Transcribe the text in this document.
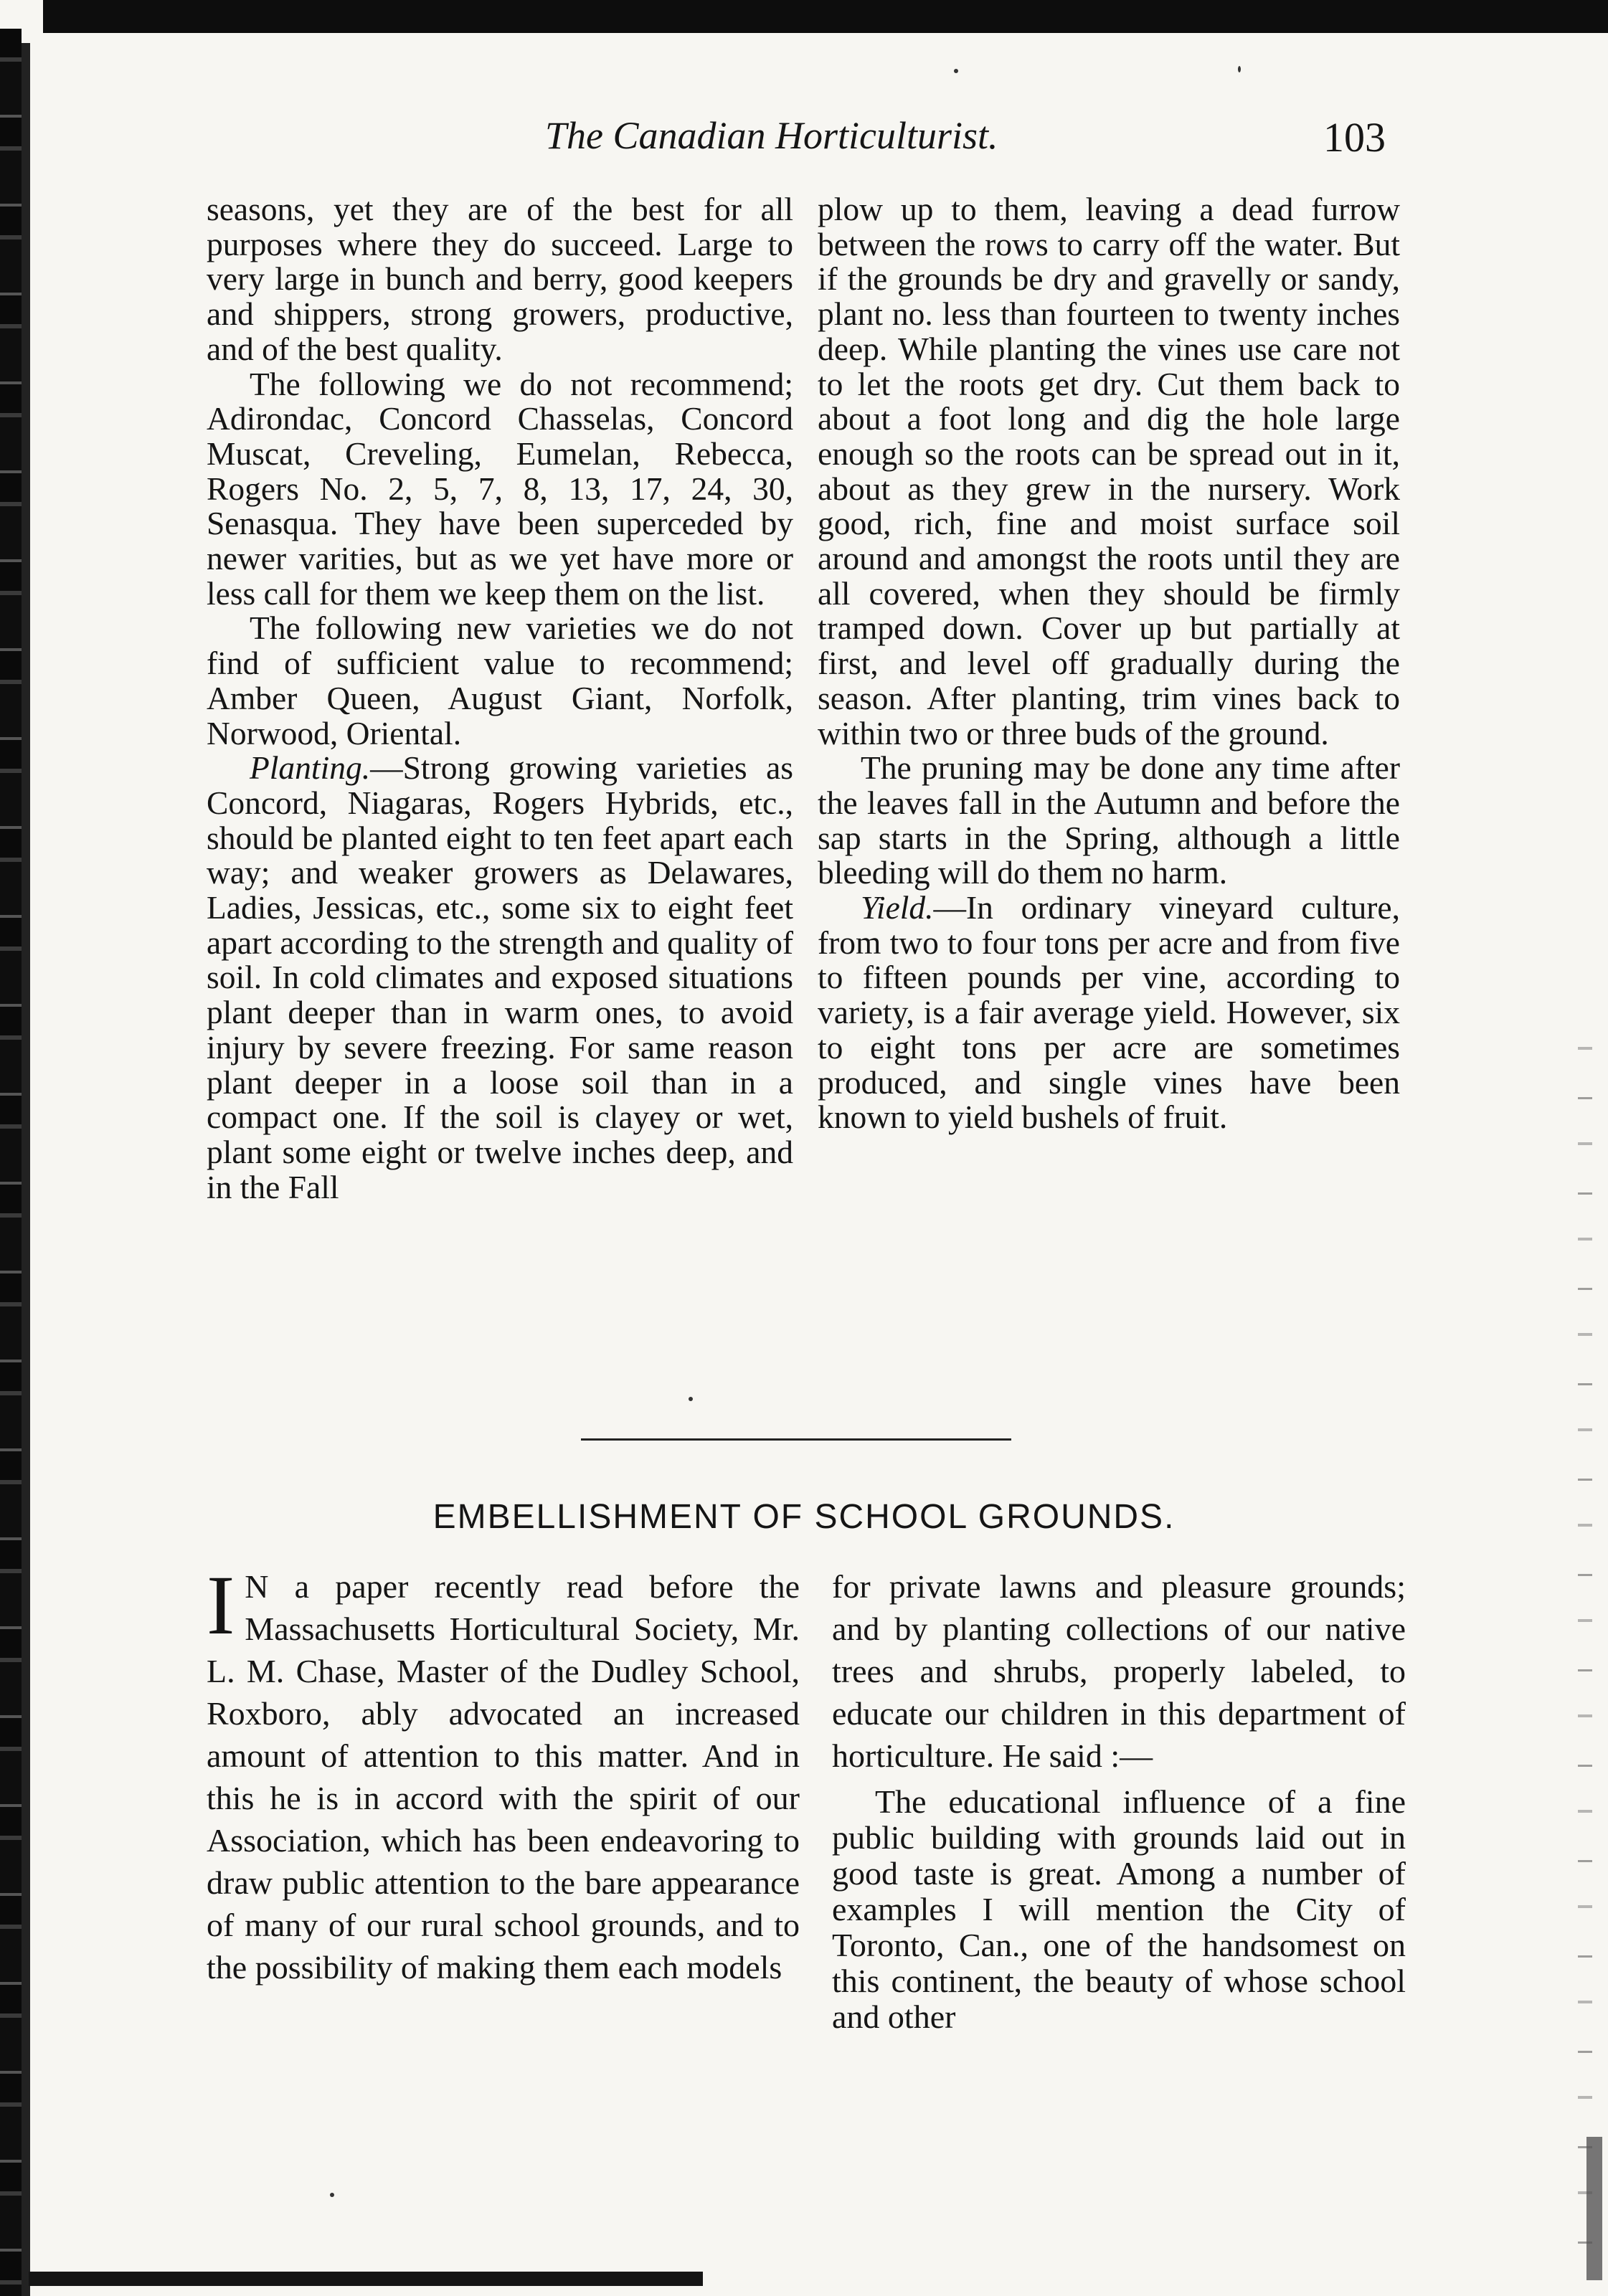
The Canadian Horticulturist.	103

seasons, yet they are of the best for all purposes where they do succeed. Large to very large in bunch and berry, good keepers and shippers, strong growers, productive, and of the best quality.

The following we do not recommend; Adirondac, Concord Chasselas, Concord Muscat, Creveling, Eumelan, Rebecca, Rogers No. 2, 5, 7, 8, 13, 17, 24, 30, Senasqua. They have been superceded by newer varities, but as we yet have more or less call for them we keep them on the list.

The following new varieties we do not find of sufficient value to recommend; Amber Queen, August Giant, Norfolk, Norwood, Oriental.

Planting.—Strong growing varieties as Concord, Niagaras, Rogers Hybrids, etc., should be planted eight to ten feet apart each way; and weaker growers as Delawares, Ladies, Jessicas, etc., some six to eight feet apart according to the strength and quality of soil. In cold climates and exposed situations plant deeper than in warm ones, to avoid injury by severe freezing. For same reason plant deeper in a loose soil than in a compact one. If the soil is clayey or wet, plant some eight or twelve inches deep, and in the Fall

plow up to them, leaving a dead furrow between the rows to carry off the water. But if the grounds be dry and gravelly or sandy, plant no. less than fourteen to twenty inches deep. While planting the vines use care not to let the roots get dry. Cut them back to about a foot long and dig the hole large enough so the roots can be spread out in it, about as they grew in the nursery. Work good, rich, fine and moist surface soil around and amongst the roots until they are all covered, when they should be firmly tramped down. Cover up but partially at first, and level off gradually during the season. After planting, trim vines back to within two or three buds of the ground.

The pruning may be done any time after the leaves fall in the Autumn and before the sap starts in the Spring, although a little bleeding will do them no harm.

Yield.—In ordinary vineyard culture, from two to four tons per acre and from five to fifteen pounds per vine, according to variety, is a fair average yield. However, six to eight tons per acre are sometimes produced, and single vines have been known to yield bushels of fruit.

EMBELLISHMENT OF SCHOOL GROUNDS.

I N a paper recently read before the Massachusetts Horticultural Society, Mr. L. M. Chase, Master of the Dudley School, Roxboro, ably advocated an increased amount of attention to this matter. And in this he is in accord with the spirit of our Association, which has been endeavoring to draw public attention to the bare appearance of many of our rural school grounds, and to the possibility of making them each models

for private lawns and pleasure grounds; and by planting collections of our native trees and shrubs, properly labeled, to educate our children in this department of horticulture. He said :—

The educational influence of a fine public building with grounds laid out in good taste is great. Among a number of examples I will mention the City of Toronto, Can., one of the handsomest on this continent, the beauty of whose school and other
